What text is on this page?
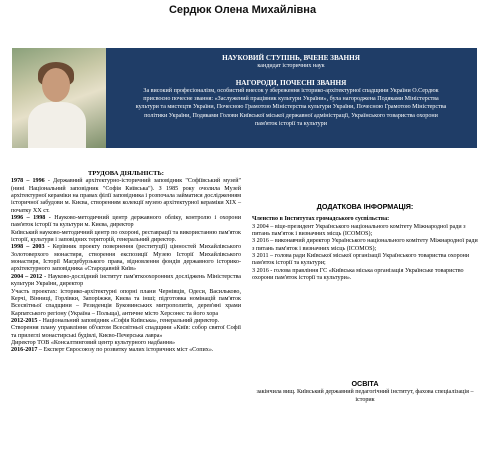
Сердюк Олена Михайлівна
НАУКОВИЙ СТУПІНЬ, ВЧЕНЕ ЗВАННЯ
кандидат історичних наук
НАГОРОДИ, ПОЧЕСНІ ЗВАННЯ
За високий професіоналізм, особистий внесок у збереження історико-архітектурної спадщини України О.Сердюк
присвоєно почесне звання: «Заслужений працівник культури України», була нагороджена Подяками Міністерства
культури та мистецтв України, Почесною Грамотою Міністерства культури України, Почесною Грамотою Міністерства
політики України, Подяками Голови Київської міської державної адміністрації, Українського товариства охорони
пам'яток історії та культури
ТРУДОВА ДІЯЛЬНІСТЬ:

1978 – 1996 - Державний архітектурно-історичний заповідник "Софіївський музей" (нині Національний заповідник "Софія Київська"). З 1985 року очолила Музей архітектурної кераміки на правах філії заповідника і розпочала займатися дослідженням історичної забудови м. Києва, створенням колекції музею архітектурної кераміки XIX – початку XX ст.

1996 – 1998 - Науково-методичний центр державного обліку, контролю і охорони пам'яток історії та культури м. Києва, директор

Київський науково-методичний центр по охороні, реставрації та використанню пам'яток історії, культури і заповідних територій, генеральний директор.

1998 – 2003 - Керівник проекту повернення (реституції) цінностей Михайлівського Золотоверхого монастиря, створення експозиції Музею Історії Михайлівського монастиря, Історії Магдебурзького права, відновлення фондів державного історико-архітектурного заповідника «Стародавній Київ»

2004 – 2012 - Науково-дослідний інститут пам'яткоохоронних досліджень Міністерства культури України, директор

Участь проектах: історико-архітектурні опорні плани Чернівців, Одеси, Васильково, Керчі, Вінниці, Горлівки, Запоріжжя, Києва та інші; підготовка номінацій пам'яток Всесвітньої спадщини – Резиденція Буковинських митрополитів, дерев'яні храми Карпатського регіону (Україна – Польща), античне місто Херсонес та його хора

2012-2015 - Національний заповідник «Софія Київська», генеральний директор.

Створення плану управління об'єктом Всесвітньої спадщини «Київ: собор святої Софії та прилеглі монастирські будівлі, Києво-Печерська лавра»

Директор ТОВ «Консалтинговий центр культурного надбання»

2016-2017 – Експерт Євросоюзу по розвитку малих історичних міст «Сопих».

ДОДАТКОВА ІНФОРМАЦІЯ:
Членство в Інститутах громадського суспільства:
З 2004 – віце-президент Українського національного комітету Міжнародної ради з питань пам'яток і визначних місць (ICOMOS);
З 2016 – виконавчий директор Українського національного комітету Міжнародної ради з питань пам'яток і визначних місць (ICOMOS);
З 2011 – голова ради Київської міської організації Українського товариства охорони пам'яток історії та культури;
З 2016 - голова правління ГС «Київська міська організація Українське товариство охорони пам'яток історії та культури».
ОСВІТА
закінчила вищ. Київський державний педагогічний інститут, фахова спеціалізація – історик
